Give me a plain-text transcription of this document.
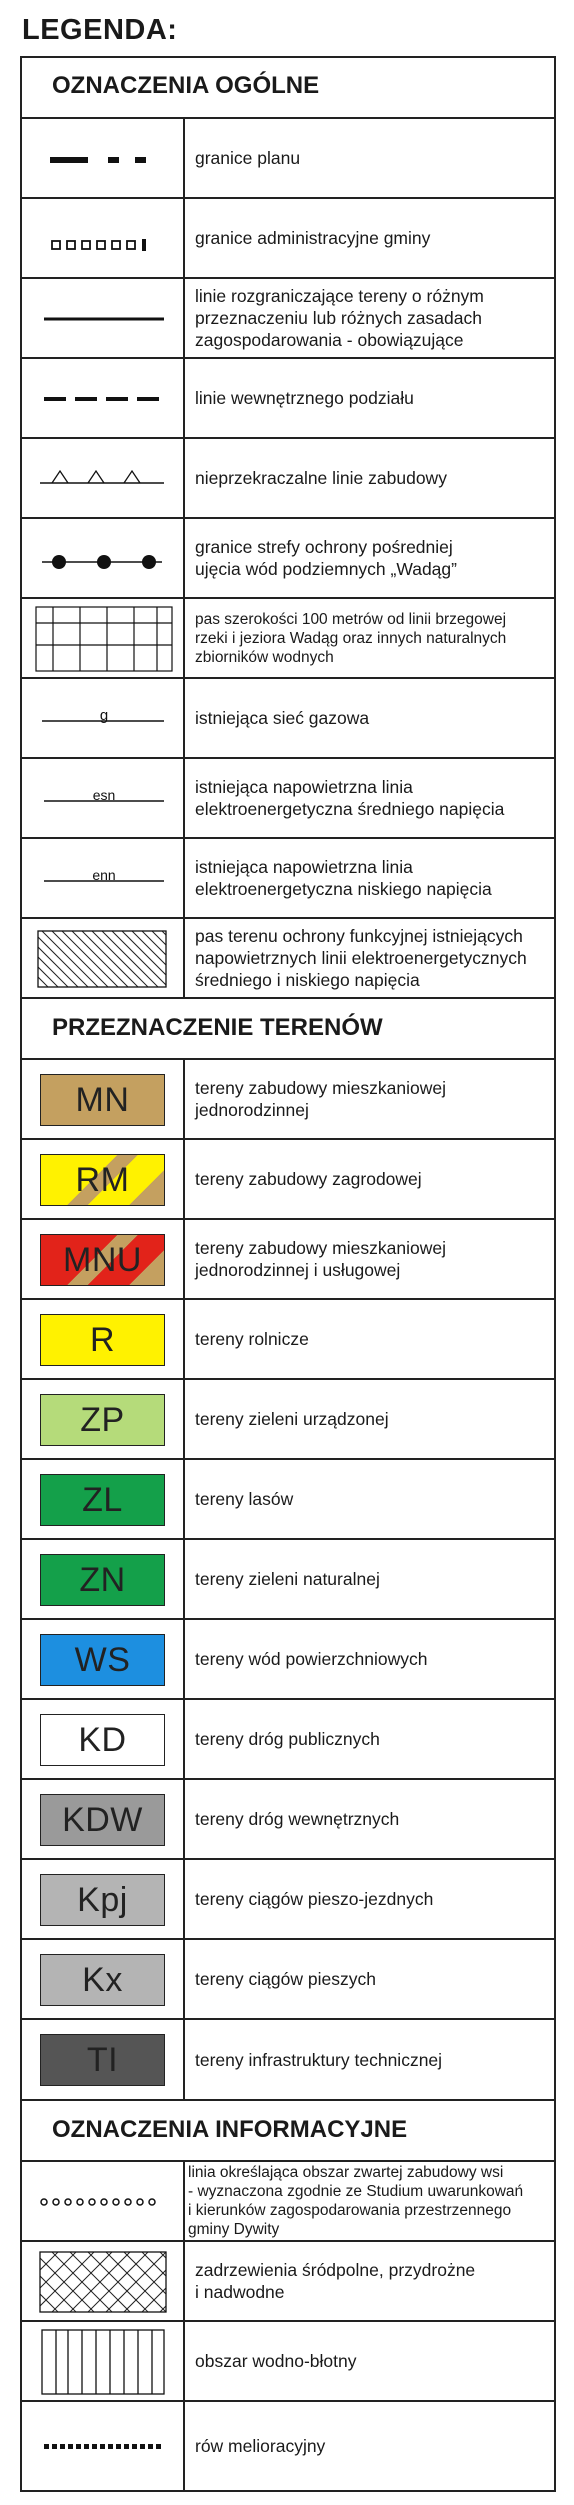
LEGENDA:
OZNACZENIA OGÓLNE
granice planu
granice administracyjne gminy
linie rozgraniczające tereny o różnym
przeznaczeniu lub różnych zasadach
zagospodarowania - obowiązujące
linie wewnętrznego podziału
nieprzekraczalne linie zabudowy
granice strefy ochrony pośredniej
ujęcia wód podziemnych „Wadąg”
pas szerokości 100 metrów od linii brzegowej
rzeki i jeziora Wadąg oraz innych naturalnych
zbiorników wodnych
g	istniejąca sieć gazowa
esn	istniejąca napowietrzna linia
elektroenergetyczna średniego napięcia
enn	istniejąca napowietrzna linia
elektroenergetyczna niskiego napięcia
pas terenu ochrony funkcyjnej istniejących
napowietrznych linii elektroenergetycznych
średniego i niskiego napięcia
PRZEZNACZENIE TERENÓW
MN	tereny zabudowy mieszkaniowej
jednorodzinnej
RM	tereny zabudowy zagrodowej
MNU	tereny zabudowy mieszkaniowej
jednorodzinnej i usługowej
R	tereny rolnicze
ZP	tereny zieleni urządzonej
ZL	tereny lasów
ZN	tereny zieleni naturalnej
WS	tereny wód powierzchniowych
KD	tereny dróg publicznych
KDW	tereny dróg wewnętrznych
Kpj	tereny ciągów pieszo-jezdnych
Kx	tereny ciągów pieszych
TI	tereny infrastruktury technicznej
OZNACZENIA INFORMACYJNE
linia określająca obszar zwartej zabudowy wsi
- wyznaczona zgodnie ze Studium uwarunkowań
i kierunków zagospodarowania przestrzennego
gminy Dywity
zadrzewienia śródpolne, przydrożne
i nadwodne
obszar wodno-błotny
rów melioracyjny
